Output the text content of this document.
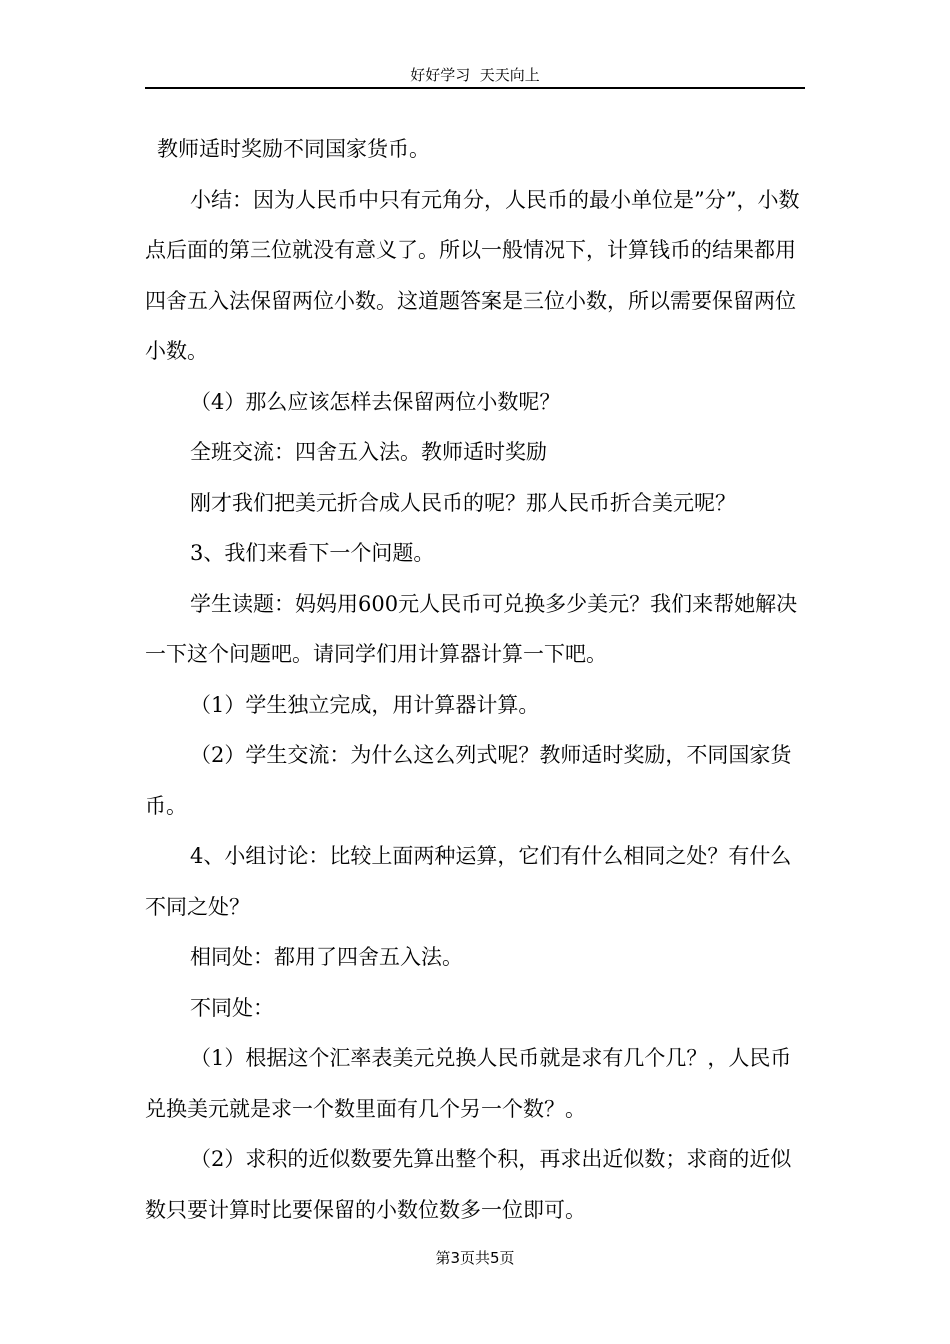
好好学习  天天向上

教师适时奖励不同国家货币。

小结：因为人民币中只有元角分，人民币的最小单位是”分”，小数点后面的第三位就没有意义了。所以一般情况下，计算钱币的结果都用四舍五入法保留两位小数。这道题答案是三位小数，所以需要保留两位小数。

（4）那么应该怎样去保留两位小数呢？

全班交流：四舍五入法。教师适时奖励

刚才我们把美元折合成人民币的呢？那人民币折合美元呢？

3、我们来看下一个问题。

学生读题：妈妈用600元人民币可兑换多少美元？我们来帮她解决一下这个问题吧。请同学们用计算器计算一下吧。

（1）学生独立完成，用计算器计算。

（2）学生交流：为什么这么列式呢？教师适时奖励，不同国家货币。

4、小组讨论：比较上面两种运算，它们有什么相同之处？有什么不同之处？

相同处：都用了四舍五入法。

不同处：

（1）根据这个汇率表美元兑换人民币就是求有几个几？，人民币兑换美元就是求一个数里面有几个另一个数？。

（2）求积的近似数要先算出整个积，再求出近似数；求商的近似数只要计算时比要保留的小数位数多一位即可。

第3页共5页
